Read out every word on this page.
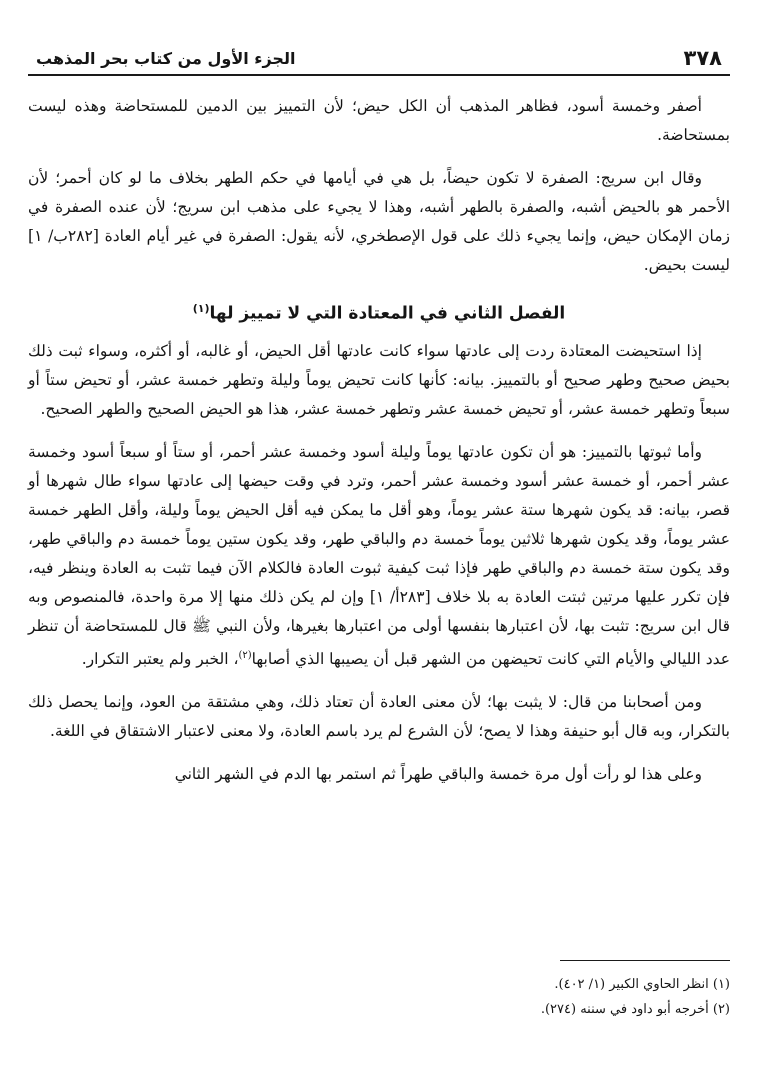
٣٧٨
الجزء الأول من كتاب بحر المذهب

أصفر وخمسة أسود، فظاهر المذهب أن الكل حيض؛ لأن التمييز بين الدمين للمستحاضة وهذه ليست بمستحاضة.

وقال ابن سريج: الصفرة لا تكون حيضاً، بل هي في أيامها في حكم الطهر بخلاف ما لو كان أحمر؛ لأن الأحمر هو بالحيض أشبه، والصفرة بالطهر أشبه، وهذا لا يجيء على مذهب ابن سريج؛ لأن عنده الصفرة في زمان الإمكان حيض، وإنما يجيء ذلك على قول الإصطخري، لأنه يقول: الصفرة في غير أيام العادة [٢٨٢ب/ ١] ليست بحيض.

الفصل الثاني في المعتادة التي لا تمييز لها$^{(١)}$

إذا استحيضت المعتادة ردت إلى عادتها سواء كانت عادتها أقل الحيض، أو غالبه، أو أكثره، وسواء ثبت ذلك بحيض صحيح وطهر صحيح أو بالتمييز. بيانه: كأنها كانت تحيض يوماً وليلة وتطهر خمسة عشر، أو تحيض ستاً أو سبعاً وتطهر خمسة عشر، أو تحيض خمسة عشر وتطهر خمسة عشر، هذا هو الحيض الصحيح والطهر الصحيح.

وأما ثبوتها بالتمييز: هو أن تكون عادتها يوماً وليلة أسود وخمسة عشر أحمر، أو ستاً أو سبعاً أسود وخمسة عشر أحمر، أو خمسة عشر أسود وخمسة عشر أحمر، وترد في وقت حيضها إلى عادتها سواء طال شهرها أو قصر، بيانه: قد يكون شهرها ستة عشر يوماً، وهو أقل ما يمكن فيه أقل الحيض يوماً وليلة، وأقل الطهر خمسة عشر يوماً، وقد يكون شهرها ثلاثين يوماً خمسة دم والباقي طهر، وقد يكون ستين يوماً خمسة دم والباقي طهر، وقد يكون ستة خمسة دم والباقي طهر فإذا ثبت كيفية ثبوت العادة فالكلام الآن فيما تثبت به العادة وينظر فيه، فإن تكرر عليها مرتين ثبتت العادة به بلا خلاف [٢٨٣أ/ ١] وإن لم يكن ذلك منها إلا مرة واحدة، فالمنصوص وبه قال ابن سريج: تثبت بها، لأن اعتبارها بنفسها أولى من اعتبارها بغيرها، ولأن النبي ﷺ قال للمستحاضة أن تنظر عدد الليالي والأيام التي كانت تحيضهن من الشهر قبل أن يصيبها الذي أصابها$^{(٢)}$، الخبر ولم يعتبر التكرار.

ومن أصحابنا من قال: لا يثبت بها؛ لأن معنى العادة أن تعتاد ذلك، وهي مشتقة من العود، وإنما يحصل ذلك بالتكرار، وبه قال أبو حنيفة وهذا لا يصح؛ لأن الشرع لم يرد باسم العادة، ولا معنى لاعتبار الاشتقاق في اللغة.

وعلى هذا لو رأت أول مرة خمسة والباقي طهراً ثم استمر بها الدم في الشهر الثاني

(١) انظر الحاوي الكبير (١/ ٤٠٢).

(٢) أخرجه أبو داود في سننه (٢٧٤).
